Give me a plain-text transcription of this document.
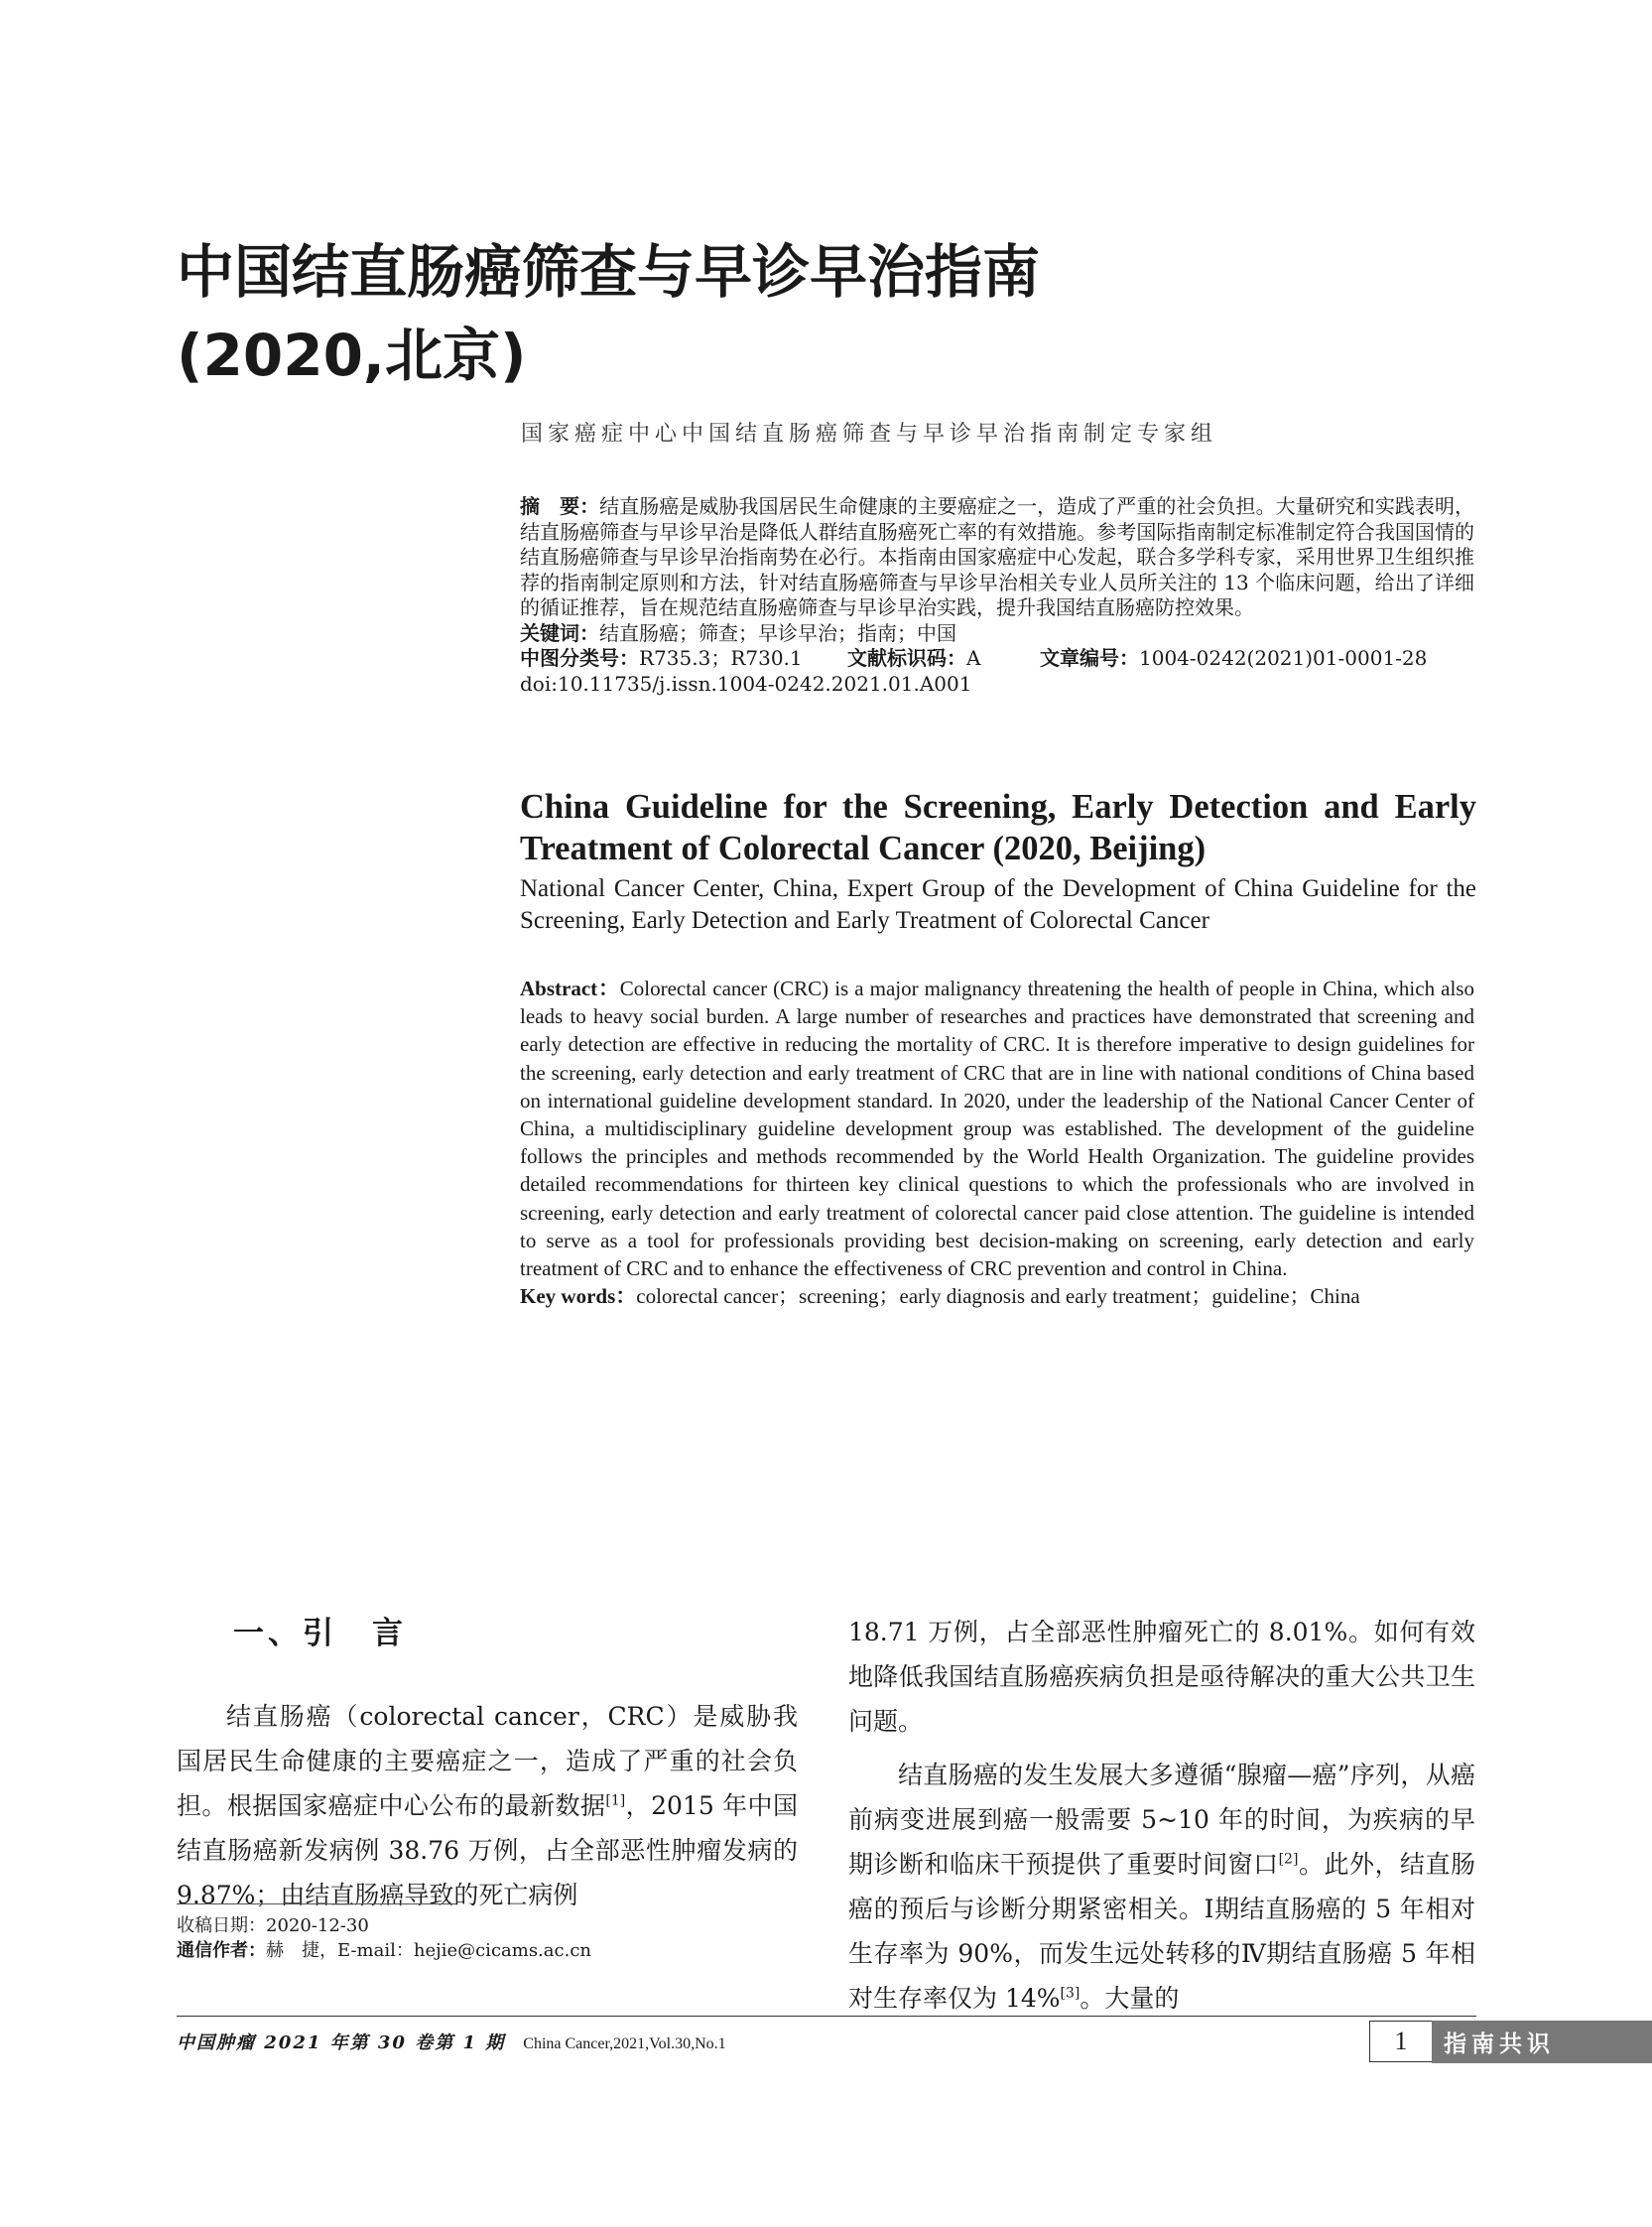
中国结直肠癌筛查与早诊早治指南
(2020,北京)
国家癌症中心中国结直肠癌筛查与早诊早治指南制定专家组

摘　要：结直肠癌是威胁我国居民生命健康的主要癌症之一，造成了严重的社会负担。大量研究和实践表明，结直肠癌筛查与早诊早治是降低人群结直肠癌死亡率的有效措施。参考国际指南制定标准制定符合我国国情的结直肠癌筛查与早诊早治指南势在必行。本指南由国家癌症中心发起，联合多学科专家，采用世界卫生组织推荐的指南制定原则和方法，针对结直肠癌筛查与早诊早治相关专业人员所关注的 13 个临床问题，给出了详细的循证推荐，旨在规范结直肠癌筛查与早诊早治实践，提升我国结直肠癌防控效果。

关键词：结直肠癌；筛查；早诊早治；指南；中国

中图分类号：R735.3；R730.1	文献标识码：A	文章编号：1004-0242(2021)01-0001-28

doi:10.11735/j.issn.1004-0242.2021.01.A001

China Guideline for the Screening, Early Detection and Early Treatment of Colorectal Cancer (2020, Beijing)
National Cancer Center, China, Expert Group of the Development of China Guideline for the Screening, Early Detection and Early Treatment of Colorectal Cancer

Abstract：Colorectal cancer (CRC) is a major malignancy threatening the health of people in China, which also leads to heavy social burden. A large number of researches and practices have demonstrated that screening and early detection are effective in reducing the mortality of CRC. It is therefore imperative to design guidelines for the screening, early detection and early treatment of CRC that are in line with national conditions of China based on international guideline development standard. In 2020, under the leadership of the National Cancer Center of China, a multidisciplinary guideline development group was established. The development of the guideline follows the principles and methods recommended by the World Health Organization. The guideline provides detailed recommendations for thirteen key clinical questions to which the professionals who are involved in screening, early detection and early treatment of colorectal cancer paid close attention. The guideline is intended to serve as a tool for professionals providing best decision-making on screening, early detection and early treatment of CRC and to enhance the effectiveness of CRC prevention and control in China.

Key words：colorectal cancer；screening；early diagnosis and early treatment；guideline；China

一、引　言

结直肠癌（colorectal cancer，CRC）是威胁我国居民生命健康的主要癌症之一，造成了严重的社会负担。根据国家癌症中心公布的最新数据[1]，2015 年中国结直肠癌新发病例 38.76 万例，占全部恶性肿瘤发病的 9.87%；由结直肠癌导致的死亡病例

18.71 万例，占全部恶性肿瘤死亡的 8.01%。如何有效地降低我国结直肠癌疾病负担是亟待解决的重大公共卫生问题。

结直肠癌的发生发展大多遵循“腺瘤—癌”序列，从癌前病变进展到癌一般需要 5~10 年的时间，为疾病的早期诊断和临床干预提供了重要时间窗口[2]。此外，结直肠癌的预后与诊断分期紧密相关。Ⅰ期结直肠癌的 5 年相对生存率为 90%，而发生远处转移的Ⅳ期结直肠癌 5 年相对生存率仅为 14%[3]。大量的

收稿日期：2020-12-30

通信作者：赫　捷，E-mail：hejie@cicams.ac.cn

中国肿瘤 2021 年第 30 卷第 1 期 China Cancer,2021,Vol.30,No.1	1	指南共识
